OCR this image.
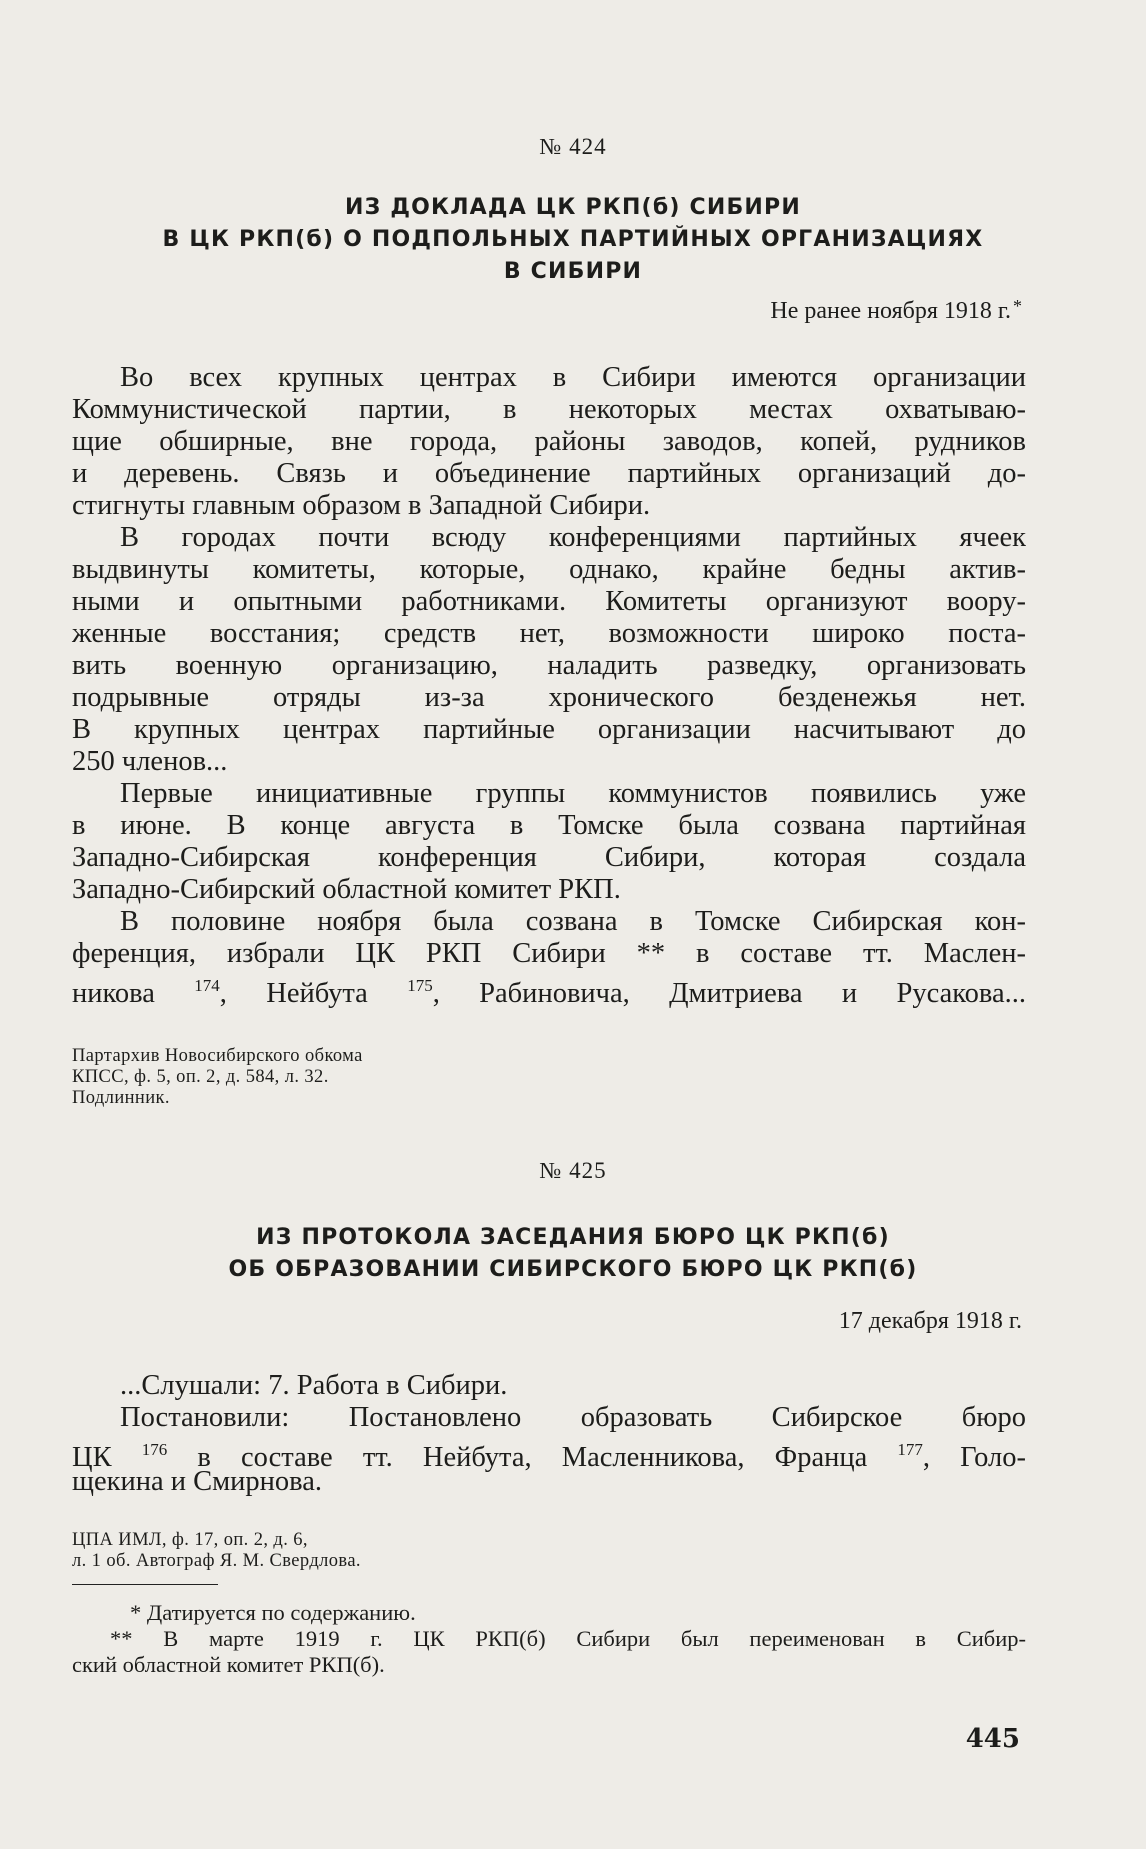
№ 424
ИЗ ДОКЛАДА ЦК РКП(б) СИБИРИ
В ЦК РКП(б) О ПОДПОЛЬНЫХ ПАРТИЙНЫХ ОРГАНИЗАЦИЯХ
В СИБИРИ
Не ранее ноября 1918 г. *
Во всех крупных центрах в Сибири имеются организации
Коммунистической партии, в некоторых местах охватываю-
щие обширные, вне города, районы заводов, копей, рудников
и деревень. Связь и объединение партийных организаций до-
стигнуты главным образом в Западной Сибири.
В городах почти всюду конференциями партийных ячеек
выдвинуты комитеты, которые, однако, крайне бедны актив-
ными и опытными работниками. Комитеты организуют воору-
женные восстания; средств нет, возможности широко поста-
вить военную организацию, наладить разведку, организовать
подрывные отряды из-за хронического безденежья нет.
В крупных центрах партийные организации насчитывают до
250 членов...
Первые инициативные группы коммунистов появились уже
в июне. В конце августа в Томске была созвана партийная
Западно-Сибирская конференция Сибири, которая создала
Западно-Сибирский областной комитет РКП.
В половине ноября была созвана в Томске Сибирская кон-
ференция, избрали ЦК РКП Сибири ** в составе тт. Маслен-
никова $^{174}$, Нейбута $^{175}$, Рабиновича, Дмитриева и Русакова...
Партархив Новосибирского обкома
КПСС, ф. 5, оп. 2, д. 584, л. 32.
Подлинник.
№ 425
ИЗ ПРОТОКОЛА ЗАСЕДАНИЯ БЮРО ЦК РКП(б)
ОБ ОБРАЗОВАНИИ СИБИРСКОГО БЮРО ЦК РКП(б)
17 декабря 1918 г.
...Слушали: 7. Работа в Сибири.
Постановили: Постановлено образовать Сибирское бюро
ЦК $^{176}$ в составе тт. Нейбута, Масленникова, Франца $^{177}$, Голо-
щекина и Смирнова.
ЦПА ИМЛ, ф. 17, оп. 2, д. 6,
л. 1 об. Автограф Я. М. Свердлова.
* Датируется по содержанию.
** В марте 1919 г. ЦК РКП(б) Сибири был переименован в Сибир-
ский областной комитет РКП(б).
445
